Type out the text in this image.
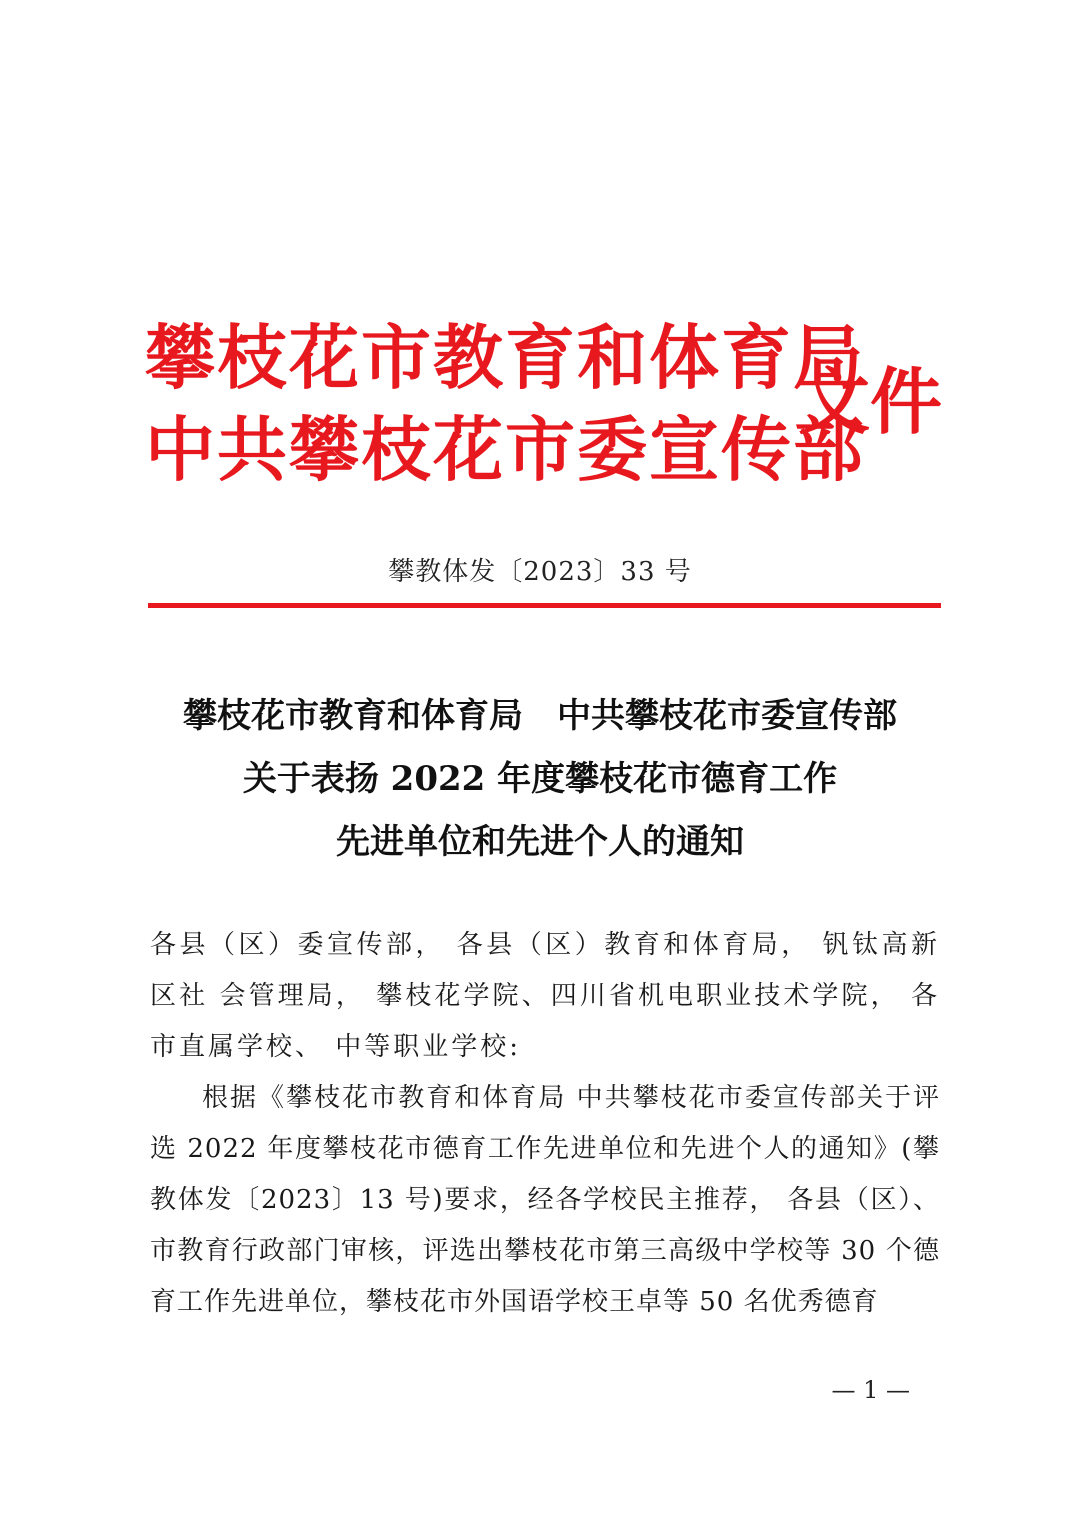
攀枝花市教育和体育局
中共攀枝花市委宣传部
文件
攀教体发〔2023〕33 号
攀枝花市教育和体育局　中共攀枝花市委宣传部
关于表扬 2022 年度攀枝花市德育工作
先进单位和先进个人的通知

各县（区）委宣传部， 各县（区）教育和体育局， 钒钛高新区社 会管理局， 攀枝花学院、四川省机电职业技术学院， 各市直属学校、 中等职业学校:

根据《攀枝花市教育和体育局 中共攀枝花市委宣传部关于评选 2022 年度攀枝花市德育工作先进单位和先进个人的通知》(攀教体发〔2023〕13 号)要求，经各学校民主推荐， 各县（区）、市教育行政部门审核，评选出攀枝花市第三高级中学校等 30 个德育工作先进单位，攀枝花市外国语学校王卓等 50 名优秀德育

— 1 —
